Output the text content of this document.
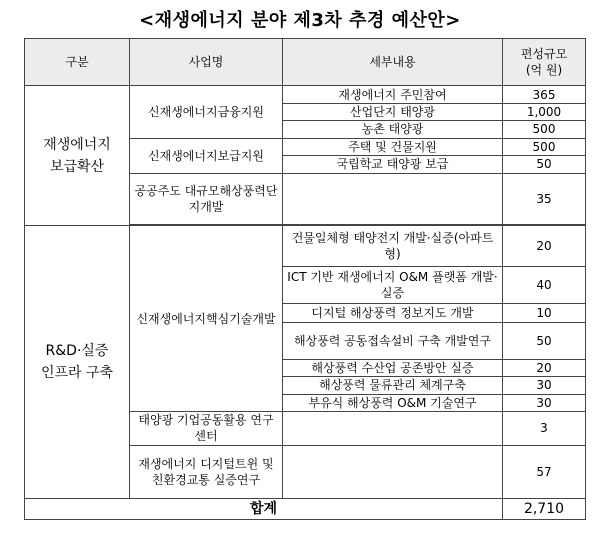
<재생에너지 분야 제3차 추경 예산안>
구분	사업명	세부내용	편성규모
(억 원)
재생에너지
보급확산	신재생에너지금융지원	재생에너지 주민참여	365
		산업단지 태양광	1,000
		농촌 태양광	500
	신재생에너지보급지원	주택 및 건물지원	500
		국립학교 태양광 보급	50
	공공주도 대규모해상풍력단지개발		35

R&D·실증
인프라 구축	신재생에너지핵심기술개발	건물일체형 태양전지 개발·실증(아파트형)	20
		ICT 기반 재생에너지 O&M 플랫폼 개발·실증	40
		디지털 해상풍력 정보지도 개발	10
		해상풍력 공동접속설비 구축 개발연구	50
		해상풍력 수산업 공존방안 실증	20
		해상풍력 물류관리 체계구축	30
		부유식 해상풍력 O&M 기술연구	30
	태양광 기업공동활용 연구센터		3
	재생에너지 디지털트윈 및 친환경교통 실증연구		57
합계			2,710
